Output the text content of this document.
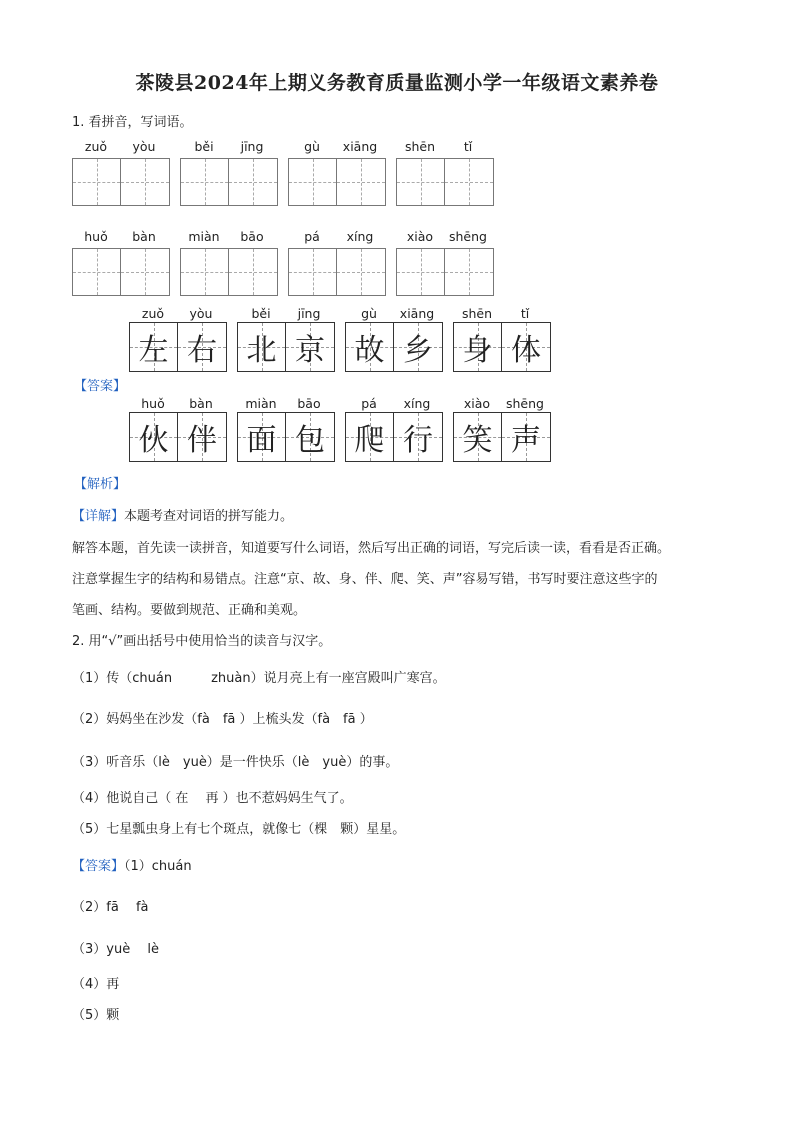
茶陵县2024年上期义务教育质量监测小学一年级语文素养卷
1. 看拼音，写词语。
zuǒ	yòu	běi	jīng	gù	xiāng	shēn	tǐ
huǒ	bàn	miàn	bāo	pá	xíng	xiào	shēng
zuǒ	yòu
左 右
běi	jīng
北 京
gù	xiāng
故 乡
shēn	tǐ
身 体
huǒ	bàn
伙 伴
miàn	bāo
面 包
pá	xíng
爬 行
xiào	shēng
笑 声
【答案】
【解析】
【详解】本题考查对词语的拼写能力。
解答本题，首先读一读拼音，知道要写什么词语，然后写出正确的词语，写完后读一读，看看是否正确。
注意掌握生字的结构和易错点。注意“京、故、身、伴、爬、笑、声”容易写错，书写时要注意这些字的
笔画、结构。要做到规范、正确和美观。
2. 用“√”画出括号中使用恰当的读音与汉字。
（1）传（chuán　　　zhuàn）说月亮上有一座宫殿叫广寒宫。
（2）妈妈坐在沙发（fà　fā ）上梳头发（fà　fā ）
（3）听音乐（lè　yuè）是一件快乐（lè　yuè）的事。
（4）他说自己（ 在　 再 ）也不惹妈妈生气了。
（5）七星瓢虫身上有七个斑点，就像七（棵　颗）星星。
【答案】（1）chuán
（2）fā　 fà
（3）yuè　 lè
（4）再
（5）颗
